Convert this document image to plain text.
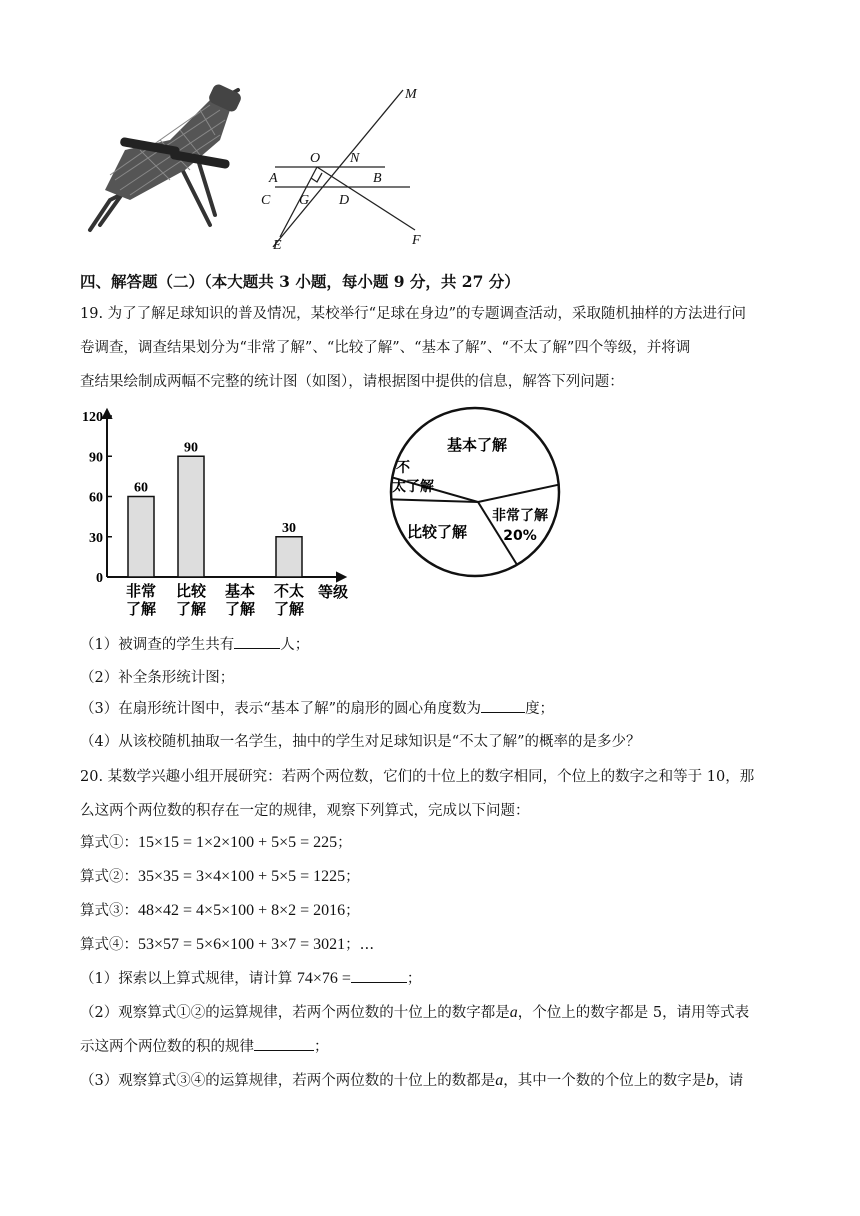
M
O N
A	B
C G D
E	F
四、解答题（二）（本大题共 3 小题，每小题 9 分，共 27 分）
19. 为了了解足球知识的普及情况，某校举行“足球在身边”的专题调查活动，采取随机抽样的方法进行问
卷调查，调查结果划分为“非常了解”、“比较了解”、“基本了解”、“不太了解”四个等级，并将调
查结果绘制成两幅不完整的统计图（如图），请根据图中提供的信息，解答下列问题：
0
30
60
90
120
60
90
30
非常
了解
比较
了解
基本
了解
不太
了解
等级
基本了解
不
太了解
比较了解
非常了解
20%
（1）被调查的学生共有	人；
（2）补全条形统计图；
（3）在扇形统计图中，表示“基本了解”的扇形的圆心角度数为	度；
（4）从该校随机抽取一名学生，抽中的学生对足球知识是“不太了解”的概率的是多少？
20. 某数学兴趣小组开展研究：若两个两位数，它们的十位上的数字相同，个位上的数字之和等于 10，那
么这两个两位数的积存在一定的规律，观察下列算式，完成以下问题：
算式①：15×15 = 1×2×100 + 5×5 = 225；
算式②：35×35 = 3×4×100 + 5×5 = 1225；
算式③：48×42 = 4×5×100 + 8×2 = 2016；
算式④：53×57 = 5×6×100 + 3×7 = 3021；…
（1）探索以上算式规律，请计算 74×76 =	；
（2）观察算式①②的运算规律，若两个两位数的十位上的数字都是a，个位上的数字都是 5，请用等式表
示这两个两位数的积的规律	；
（3）观察算式③④的运算规律，若两个两位数的十位上的数都是a，其中一个数的个位上的数字是b，请
